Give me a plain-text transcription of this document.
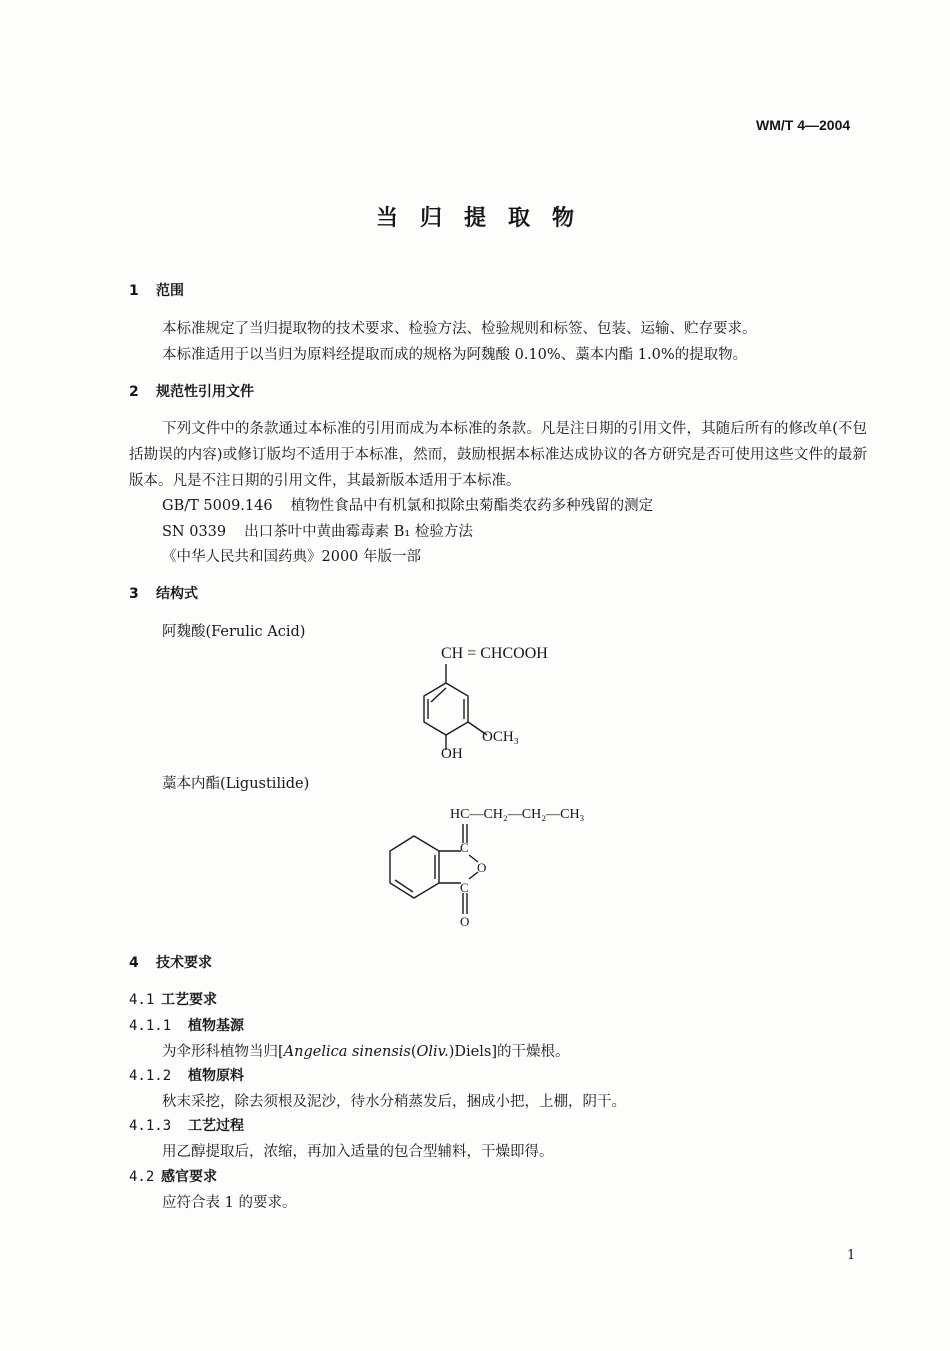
WM/T 4—2004
当归提取物
1 范围
本标准规定了当归提取物的技术要求、检验方法、检验规则和标签、包装、运输、贮存要求。
本标准适用于以当归为原料经提取而成的规格为阿魏酸 0.10%、藁本内酯 1.0%的提取物。
2 规范性引用文件
下列文件中的条款通过本标准的引用而成为本标准的条款。凡是注日期的引用文件，其随后所有的修改单(不包括勘误的内容)或修订版均不适用于本标准，然而，鼓励根据本标准达成协议的各方研究是否可使用这些文件的最新版本。凡是不注日期的引用文件，其最新版本适用于本标准。
GB/T 5009.146 植物性食品中有机氯和拟除虫菊酯类农药多种残留的测定
SN 0339 出口茶叶中黄曲霉毒素 B₁ 检验方法
《中华人民共和国药典》2000 年版一部
3 结构式
阿魏酸(Ferulic Acid)
CH = CHCOOH
OCH₃
OH
藁本内酯(Ligustilide)
HC—CH₂—CH₂—CH₃
C
O
C
O
4 技术要求
4.1 工艺要求
4.1.1 植物基源
为伞形科植物当归[Angelica sinensis(Oliv.)Diels]的干燥根。
4.1.2 植物原料
秋末采挖，除去须根及泥沙，待水分稍蒸发后，捆成小把，上棚，阴干。
4.1.3 工艺过程
用乙醇提取后，浓缩，再加入适量的包合型辅料，干燥即得。
4.2 感官要求
应符合表 1 的要求。
1
